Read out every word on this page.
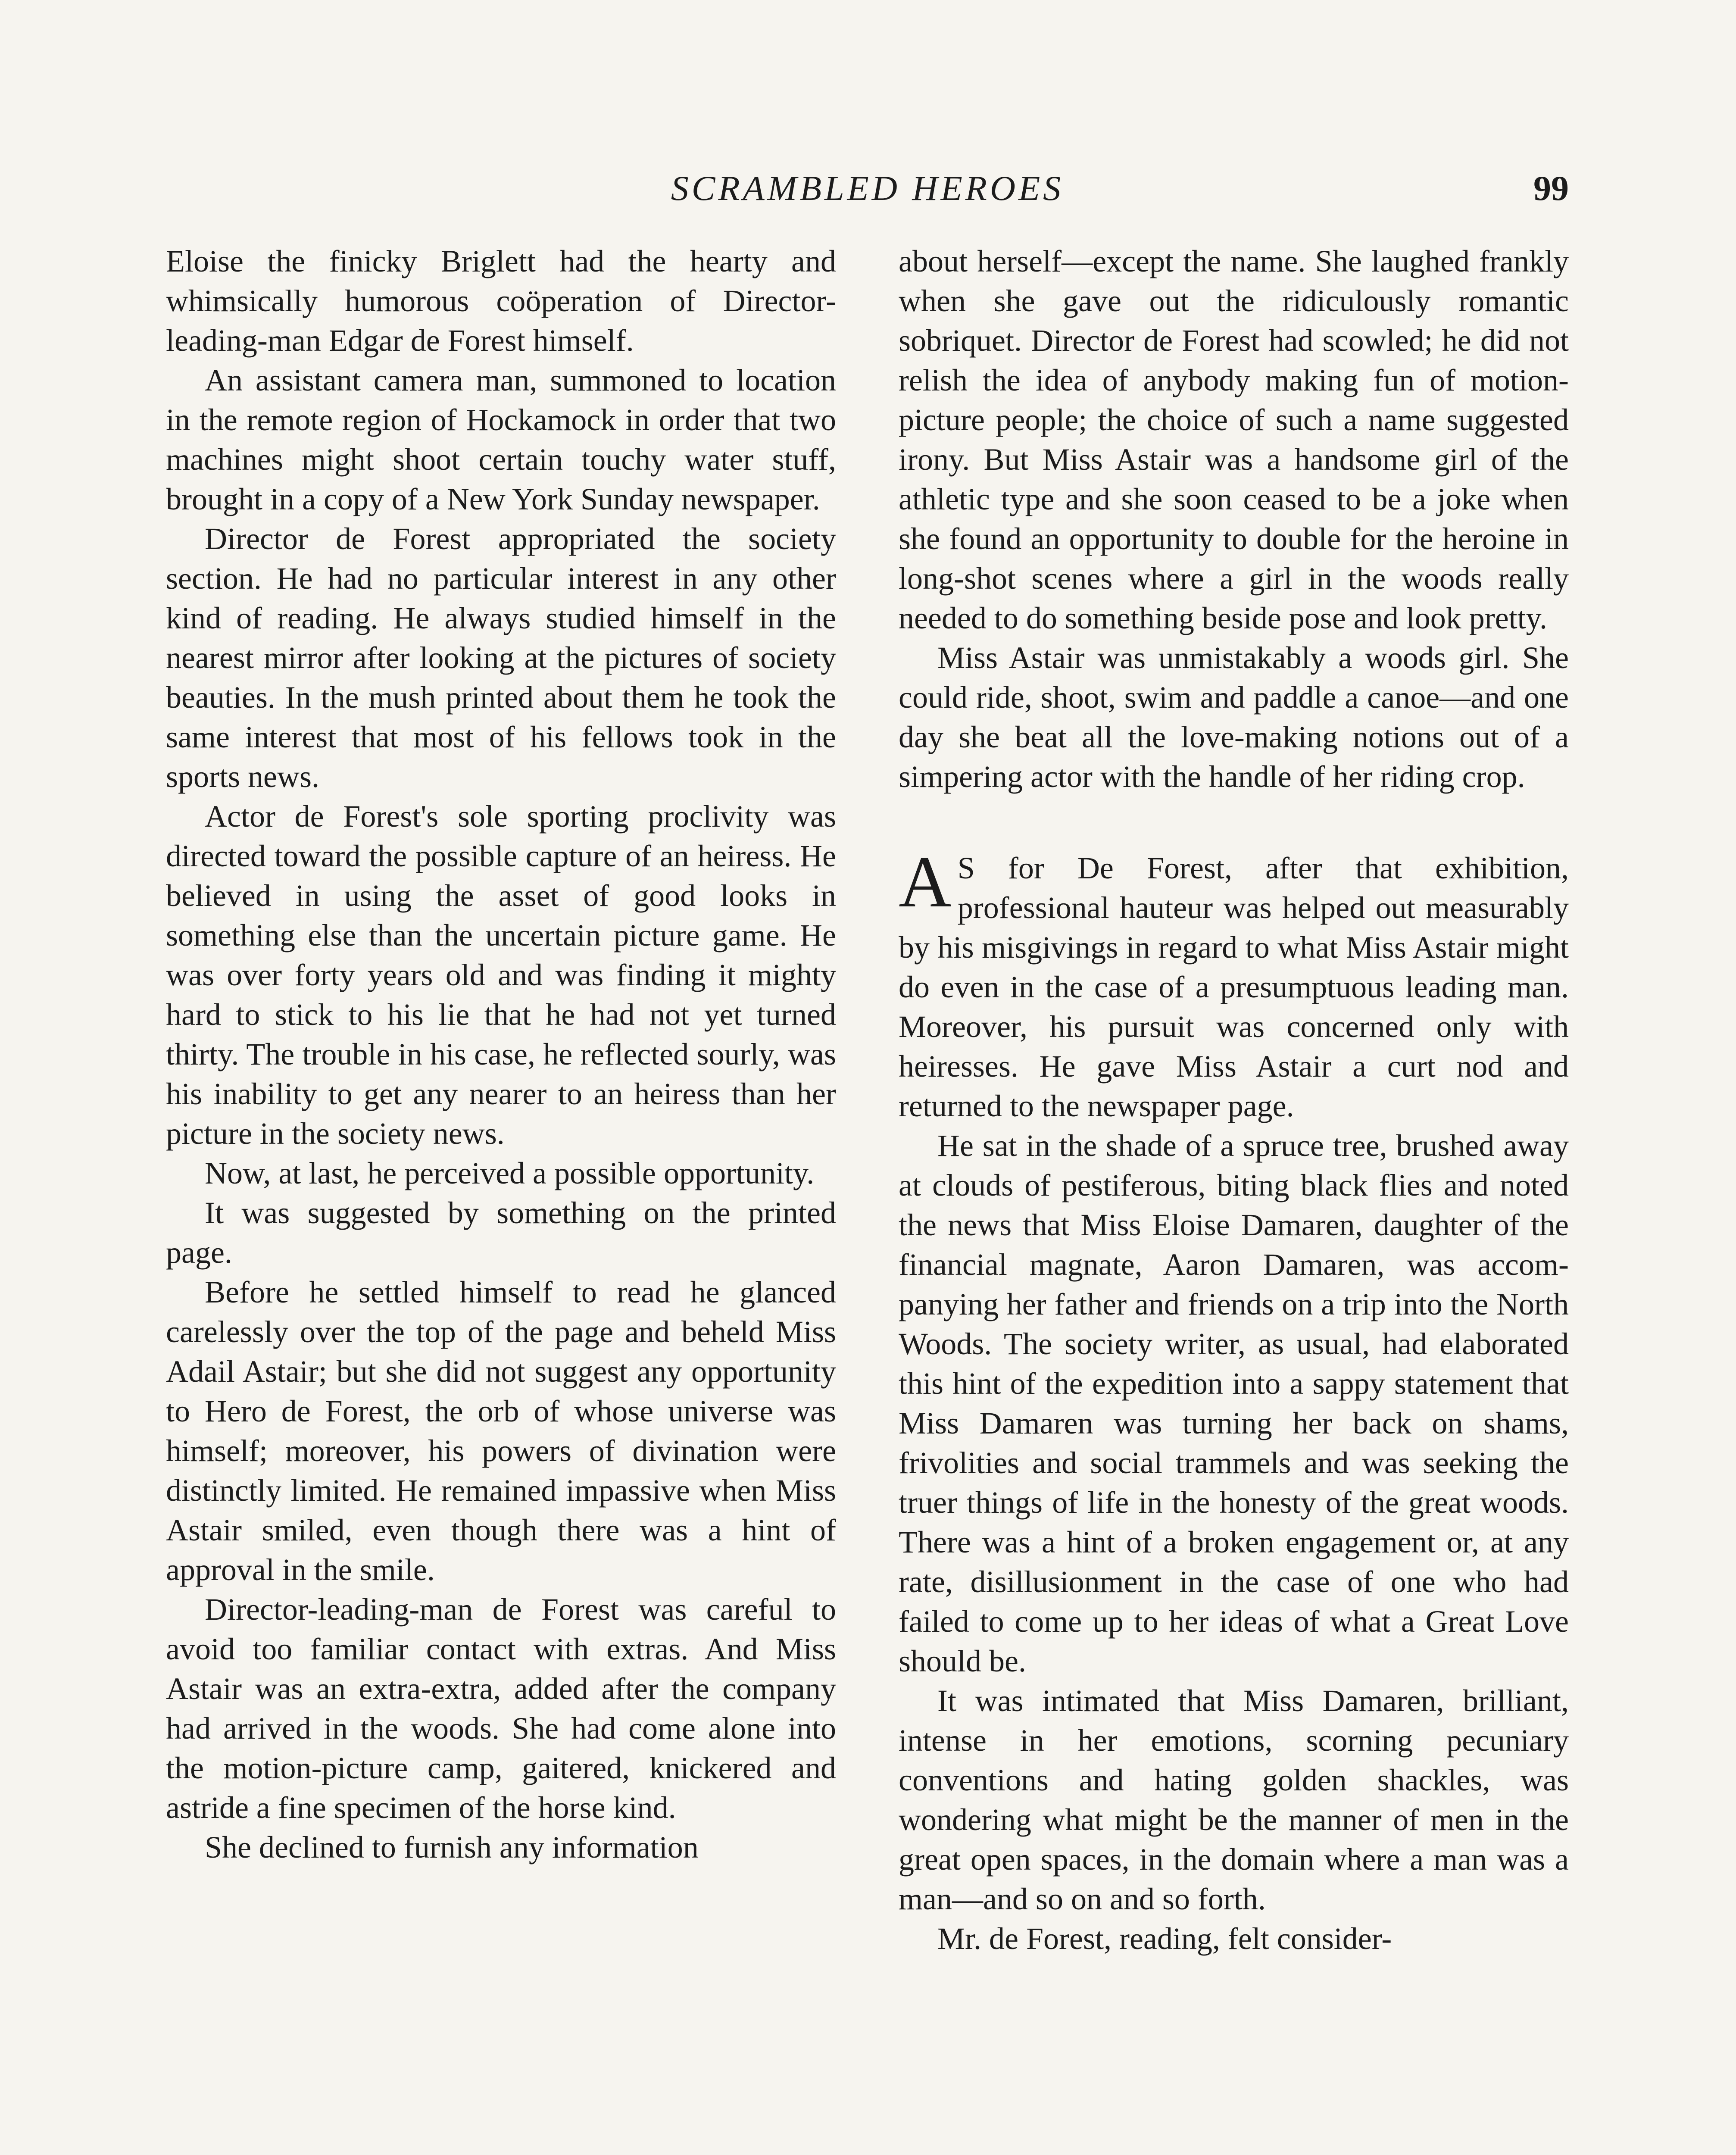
SCRAMBLED HEROES	99

Eloise the finicky Briglett had the hearty and whimsically humorous coöperation of Director-leading-man Edgar de Forest himself.

An assistant camera man, summoned to location in the remote region of Hockamock in order that two machines might shoot certain touchy water stuff, brought in a copy of a New York Sunday newspaper.

Director de Forest appropriated the society section. He had no particular interest in any other kind of reading. He always studied himself in the nearest mirror after looking at the pictures of society beauties. In the mush printed about them he took the same interest that most of his fellows took in the sports news.

Actor de Forest's sole sporting proclivity was directed toward the possible capture of an heiress. He believed in using the asset of good looks in something else than the uncertain picture game. He was over forty years old and was finding it mighty hard to stick to his lie that he had not yet turned thirty. The trouble in his case, he reflected sourly, was his inability to get any nearer to an heiress than her picture in the society news.

Now, at last, he perceived a possible opportunity.

It was suggested by something on the printed page.

Before he settled himself to read he glanced carelessly over the top of the page and beheld Miss Adail Astair; but she did not suggest any opportunity to Hero de Forest, the orb of whose universe was himself; moreover, his powers of divination were distinctly limited. He remained impassive when Miss Astair smiled, even though there was a hint of approval in the smile.

Director-leading-man de Forest was careful to avoid too familiar contact with extras. And Miss Astair was an extra-extra, added after the company had arrived in the woods. She had come alone into the motion-picture camp, gaitered, knickered and astride a fine specimen of the horse kind.

She declined to furnish any information

about herself—except the name. She laughed frankly when she gave out the ridiculously romantic sobriquet. Director de Forest had scowled; he did not relish the idea of anybody making fun of motion-picture people; the choice of such a name suggested irony. But Miss Astair was a handsome girl of the athletic type and she soon ceased to be a joke when she found an opportunity to double for the heroine in long-shot scenes where a girl in the woods really needed to do something beside pose and look pretty.

Miss Astair was unmistakably a woods girl. She could ride, shoot, swim and paddle a canoe—and one day she beat all the love-making notions out of a simpering actor with the handle of her riding crop.

A S for De Forest, after that exhibition, professional hauteur was helped out measurably by his misgivings in regard to what Miss Astair might do even in the case of a presumptuous leading man. Moreover, his pursuit was concerned only with heiresses. He gave Miss Astair a curt nod and returned to the newspaper page.

He sat in the shade of a spruce tree, brushed away at clouds of pestiferous, biting black flies and noted the news that Miss Eloise Damaren, daughter of the financial magnate, Aaron Damaren, was accompanying her father and friends on a trip into the North Woods. The society writer, as usual, had elaborated this hint of the expedition into a sappy statement that Miss Damaren was turning her back on shams, frivolities and social trammels and was seeking the truer things of life in the honesty of the great woods. There was a hint of a broken engagement or, at any rate, disillusionment in the case of one who had failed to come up to her ideas of what a Great Love should be.

It was intimated that Miss Damaren, brilliant, intense in her emotions, scorning pecuniary conventions and hating golden shackles, was wondering what might be the manner of men in the great open spaces, in the domain where a man was a man—and so on and so forth.

Mr. de Forest, reading, felt consider-
